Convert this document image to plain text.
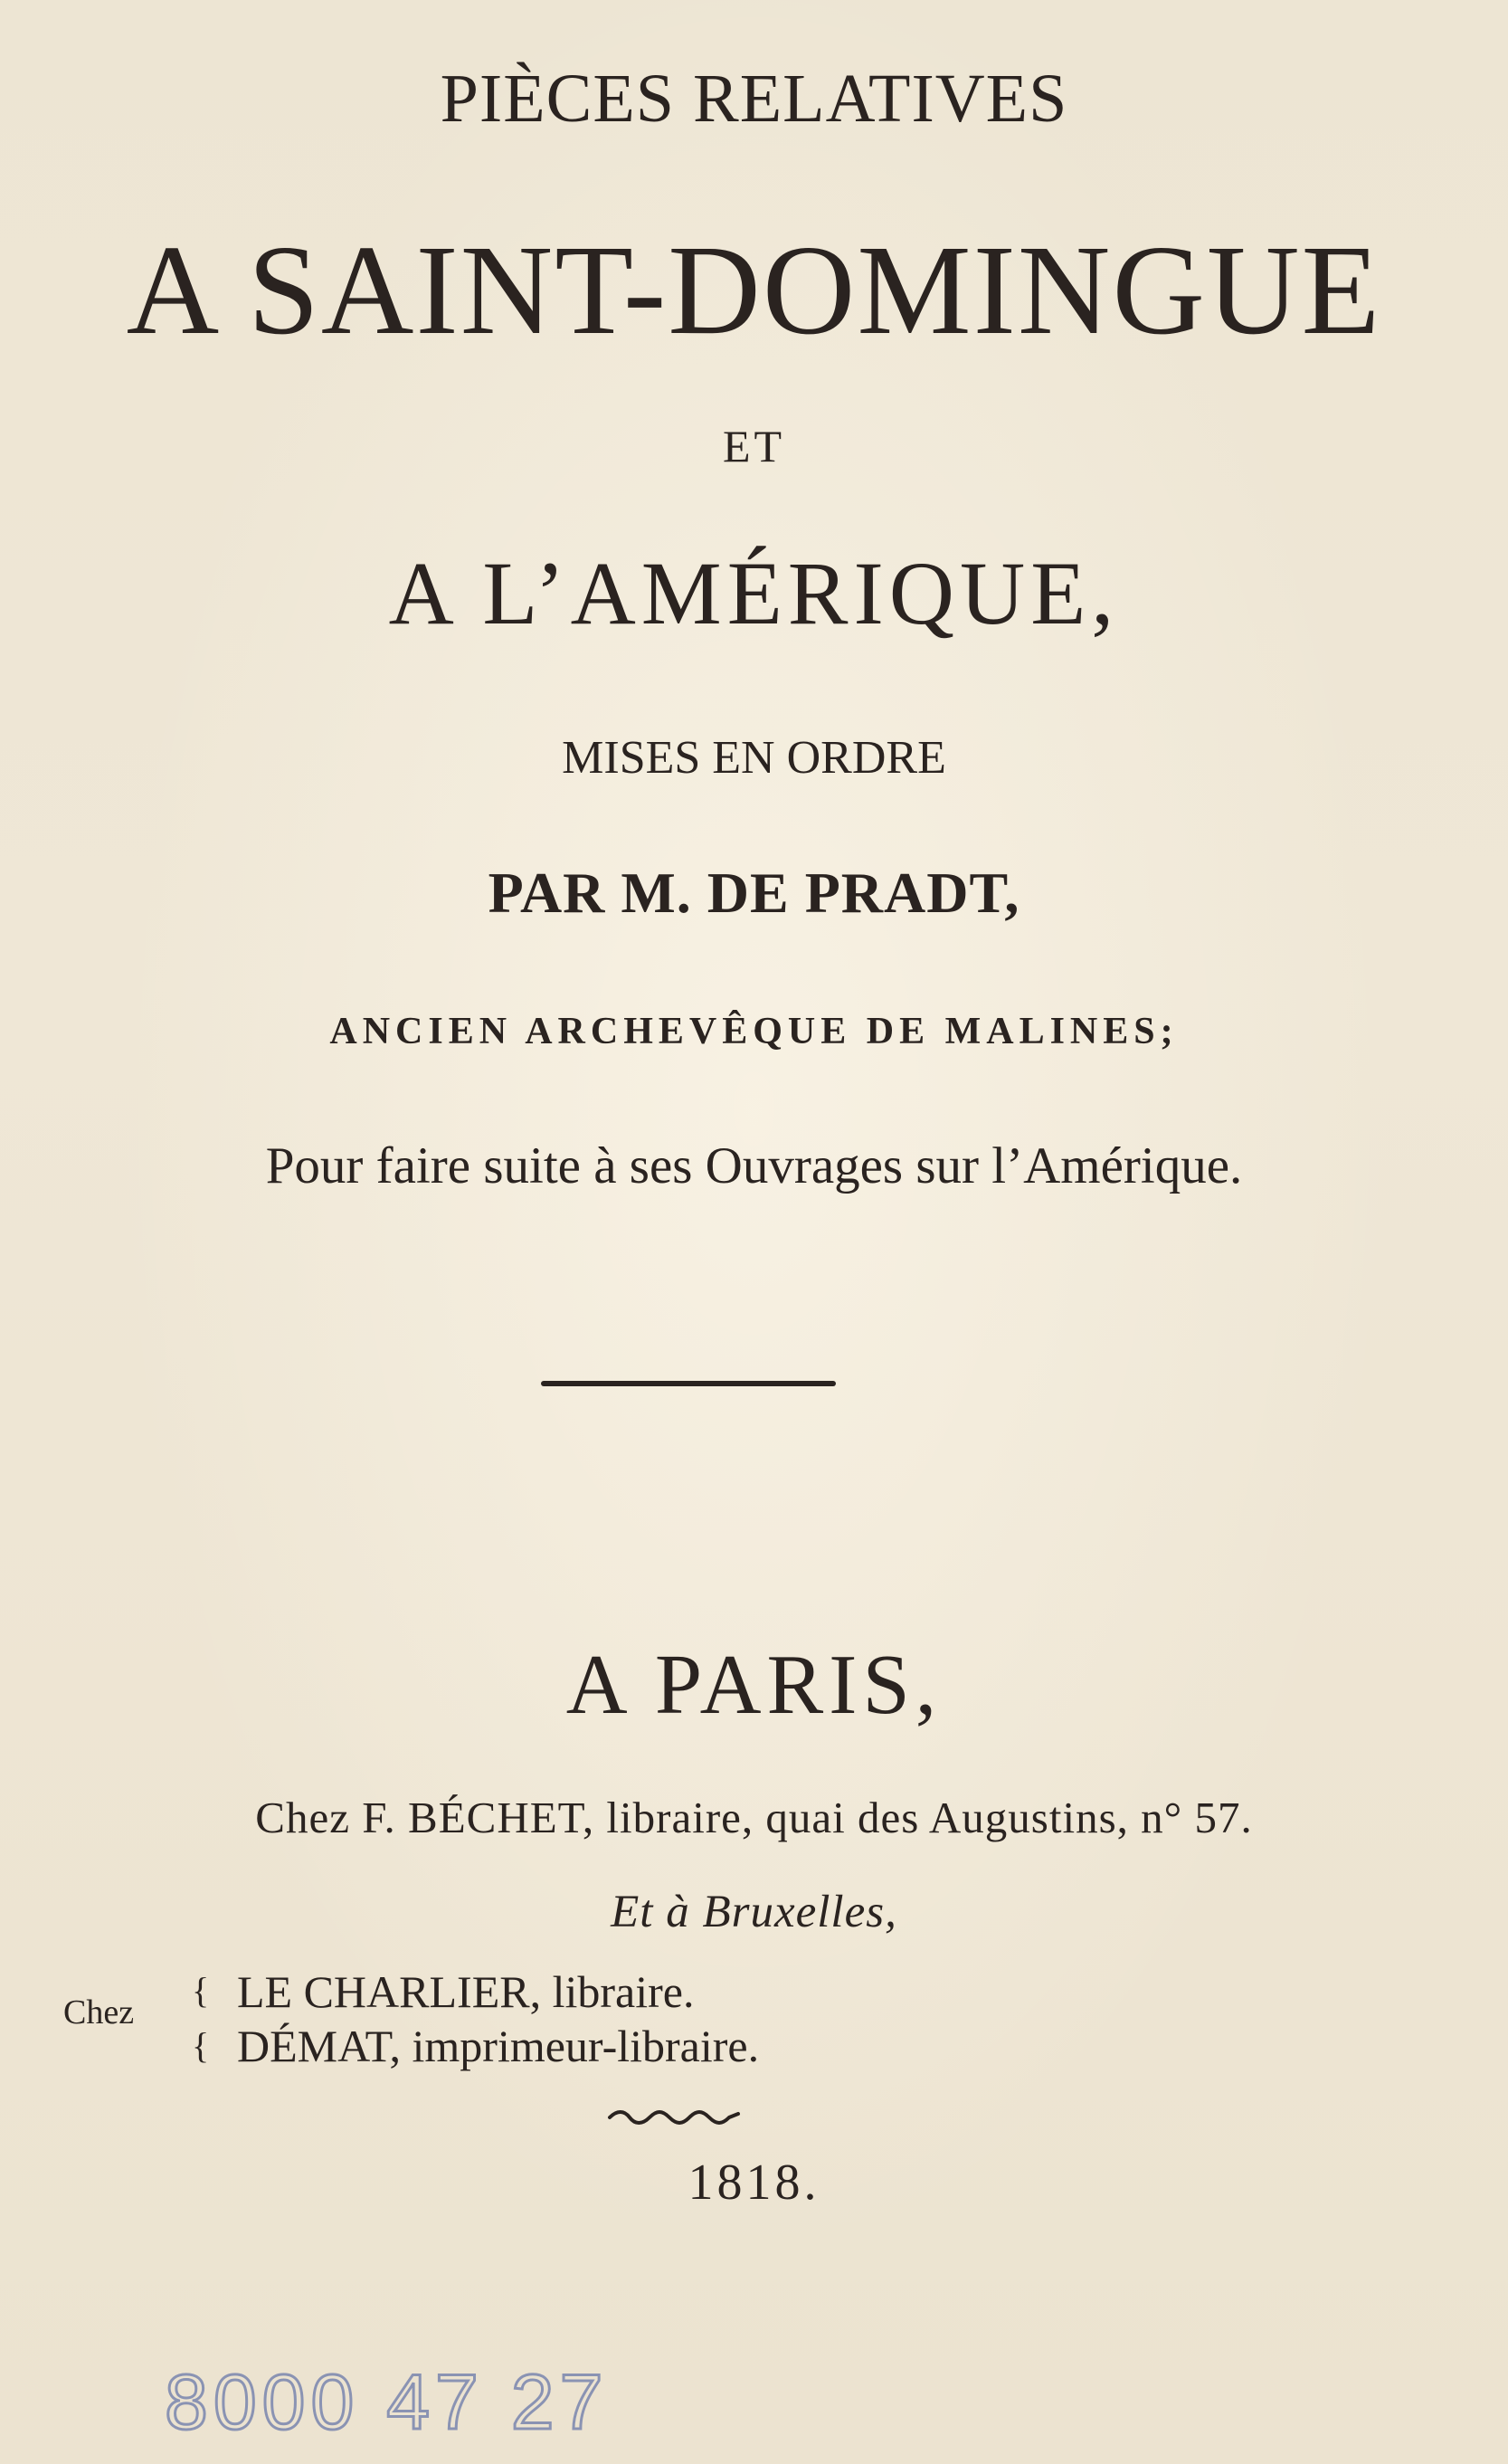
PIÈCES RELATIVES
A SAINT-DOMINGUE
ET
A L’AMÉRIQUE,
MISES EN ORDRE
PAR M. DE PRADT,
ANCIEN ARCHEVÊQUE DE MALINES;
Pour faire suite à ses Ouvrages sur l’Amérique.
A PARIS,
Chez F. BÉCHET, libraire, quai des Augustins, n° 57.
Et à Bruxelles,
Chez
{
{
LE CHARLIER, libraire.
DÉMAT, imprimeur-libraire.
1818.
8000 47 27
